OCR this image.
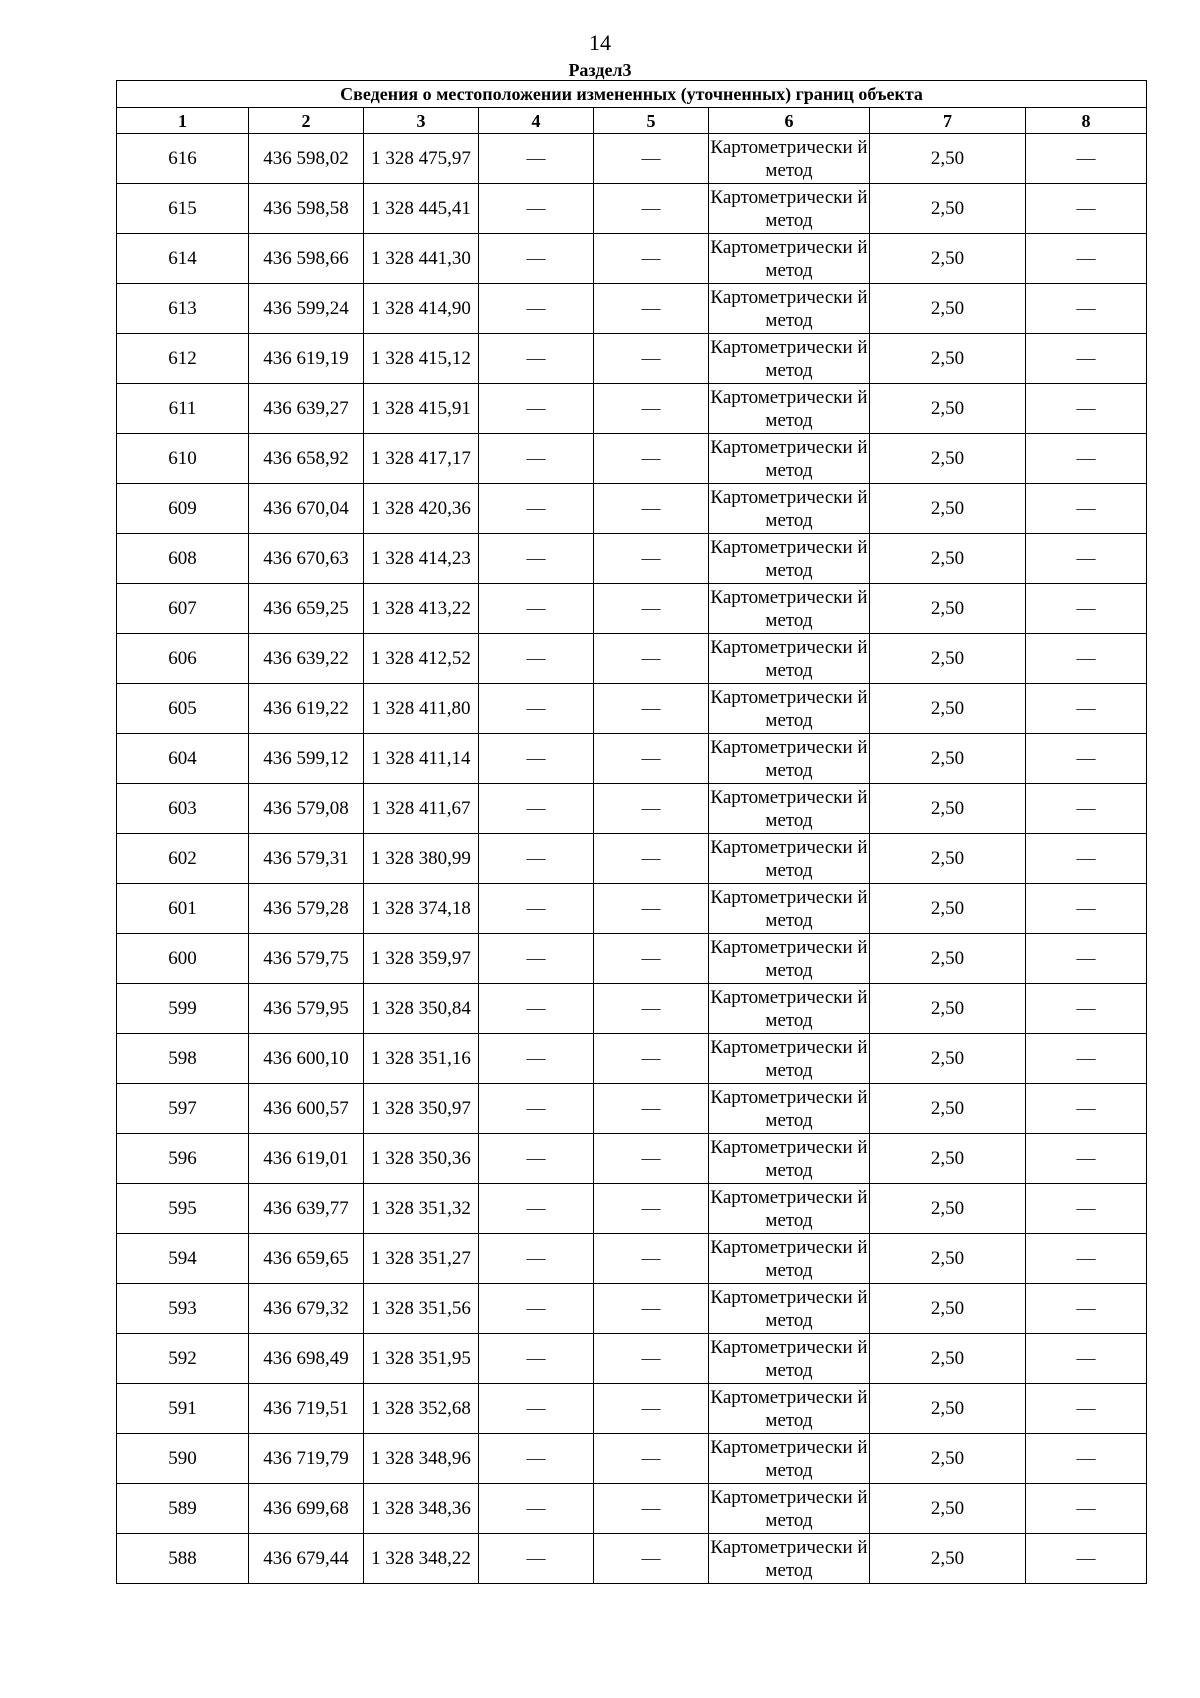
14
Раздел3
Сведения о местоположении измененных (уточненных) границ объекта							
1	2	3	4	5	6	7	8
616	436 598,02	1 328 475,97	—	—	Картометрически й метод	2,50	—
615	436 598,58	1 328 445,41	—	—	Картометрически й метод	2,50	—
614	436 598,66	1 328 441,30	—	—	Картометрически й метод	2,50	—
613	436 599,24	1 328 414,90	—	—	Картометрически й метод	2,50	—
612	436 619,19	1 328 415,12	—	—	Картометрически й метод	2,50	—
611	436 639,27	1 328 415,91	—	—	Картометрически й метод	2,50	—
610	436 658,92	1 328 417,17	—	—	Картометрически й метод	2,50	—
609	436 670,04	1 328 420,36	—	—	Картометрически й метод	2,50	—
608	436 670,63	1 328 414,23	—	—	Картометрически й метод	2,50	—
607	436 659,25	1 328 413,22	—	—	Картометрически й метод	2,50	—
606	436 639,22	1 328 412,52	—	—	Картометрически й метод	2,50	—
605	436 619,22	1 328 411,80	—	—	Картометрически й метод	2,50	—
604	436 599,12	1 328 411,14	—	—	Картометрически й метод	2,50	—
603	436 579,08	1 328 411,67	—	—	Картометрически й метод	2,50	—
602	436 579,31	1 328 380,99	—	—	Картометрически й метод	2,50	—
601	436 579,28	1 328 374,18	—	—	Картометрически й метод	2,50	—
600	436 579,75	1 328 359,97	—	—	Картометрически й метод	2,50	—
599	436 579,95	1 328 350,84	—	—	Картометрически й метод	2,50	—
598	436 600,10	1 328 351,16	—	—	Картометрически й метод	2,50	—
597	436 600,57	1 328 350,97	—	—	Картометрически й метод	2,50	—
596	436 619,01	1 328 350,36	—	—	Картометрически й метод	2,50	—
595	436 639,77	1 328 351,32	—	—	Картометрически й метод	2,50	—
594	436 659,65	1 328 351,27	—	—	Картометрически й метод	2,50	—
593	436 679,32	1 328 351,56	—	—	Картометрически й метод	2,50	—
592	436 698,49	1 328 351,95	—	—	Картометрически й метод	2,50	—
591	436 719,51	1 328 352,68	—	—	Картометрически й метод	2,50	—
590	436 719,79	1 328 348,96	—	—	Картометрически й метод	2,50	—
589	436 699,68	1 328 348,36	—	—	Картометрически й метод	2,50	—
588	436 679,44	1 328 348,22	—	—	Картометрически й метод	2,50	—
